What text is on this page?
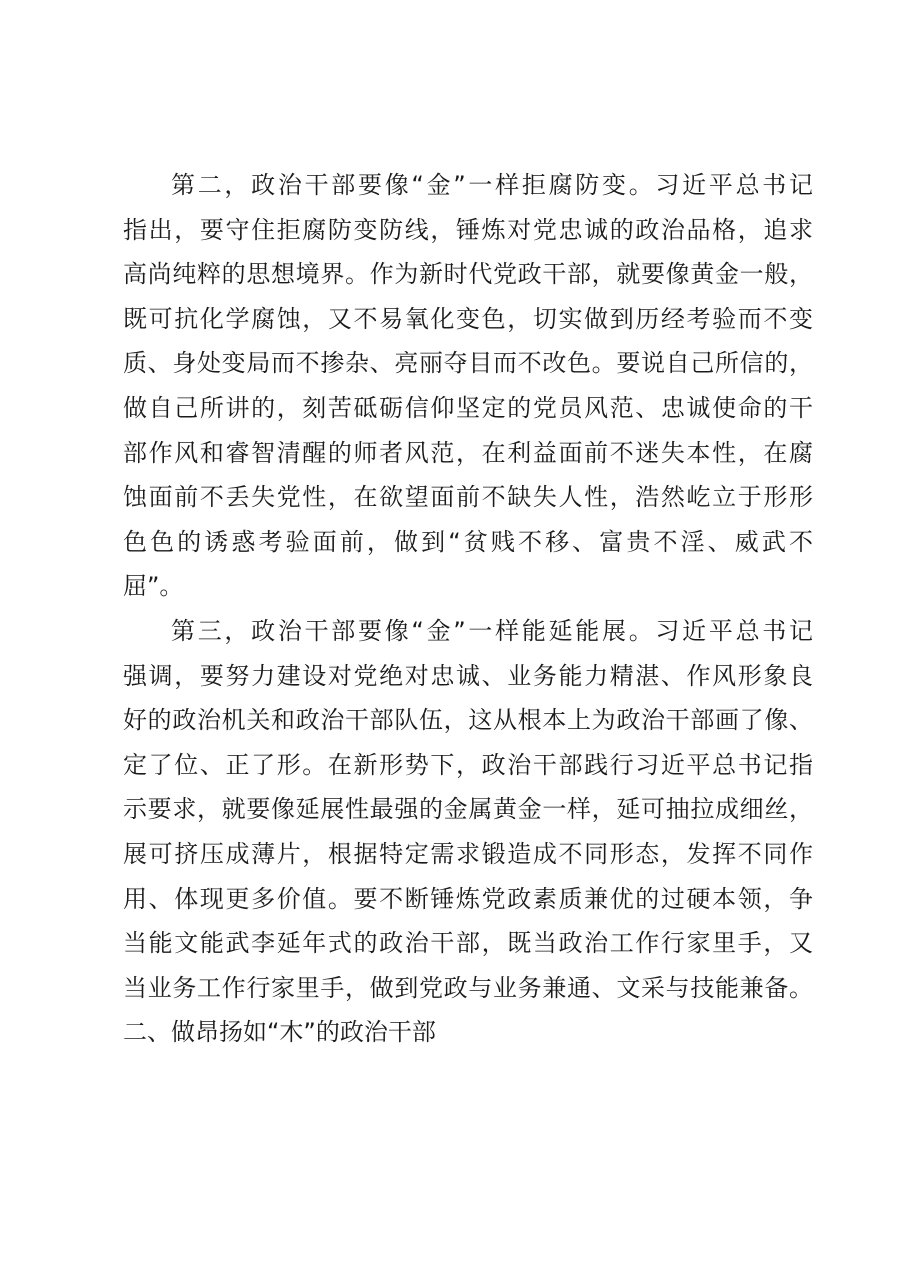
第二，政治干部要像“金”一样拒腐防变。习近平总书记
指出，要守住拒腐防变防线，锤炼对党忠诚的政治品格，追求
高尚纯粹的思想境界。作为新时代党政干部，就要像黄金一般，
既可抗化学腐蚀，又不易氧化变色，切实做到历经考验而不变
质、身处变局而不掺杂、亮丽夺目而不改色。要说自己所信的，
做自己所讲的，刻苦砥砺信仰坚定的党员风范、忠诚使命的干
部作风和睿智清醒的师者风范，在利益面前不迷失本性，在腐
蚀面前不丢失党性，在欲望面前不缺失人性，浩然屹立于形形
色色的诱惑考验面前，做到“贫贱不移、富贵不淫、威武不
屈”。
第三，政治干部要像“金”一样能延能展。习近平总书记
强调，要努力建设对党绝对忠诚、业务能力精湛、作风形象良
好的政治机关和政治干部队伍，这从根本上为政治干部画了像、
定了位、正了形。在新形势下，政治干部践行习近平总书记指
示要求，就要像延展性最强的金属黄金一样，延可抽拉成细丝，
展可挤压成薄片，根据特定需求锻造成不同形态，发挥不同作
用、体现更多价值。要不断锤炼党政素质兼优的过硬本领，争
当能文能武李延年式的政治干部，既当政治工作行家里手，又
当业务工作行家里手，做到党政与业务兼通、文采与技能兼备。
二、做昂扬如“木”的政治干部
